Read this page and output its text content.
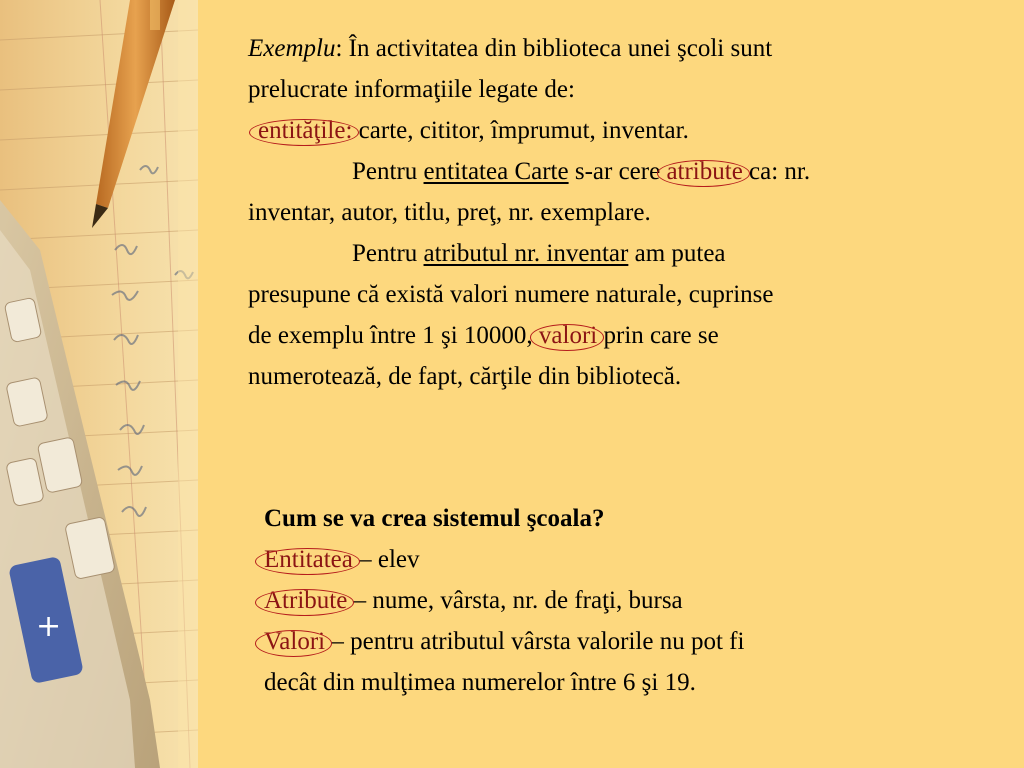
+
Exemplu: În activitatea din biblioteca unei şcoli sunt
prelucrate informaţiile legate de:
entităţile: carte, cititor, împrumut, inventar.
Pentru entitatea Carte s-ar cere atribute ca: nr.
inventar, autor, titlu, preţ, nr. exemplare.
Pentru atributul nr. inventar am putea
presupune că există valori numere naturale, cuprinse
de exemplu între 1 şi 10000, valori prin care se
numerotează, de fapt, cărţile din bibliotecă.
Cum se va crea sistemul şcoala?
Entitatea – elev
Atribute – nume, vârsta, nr. de fraţi, bursa
Valori – pentru atributul vârsta valorile nu pot fi
decât din mulţimea numerelor între 6 şi 19.
